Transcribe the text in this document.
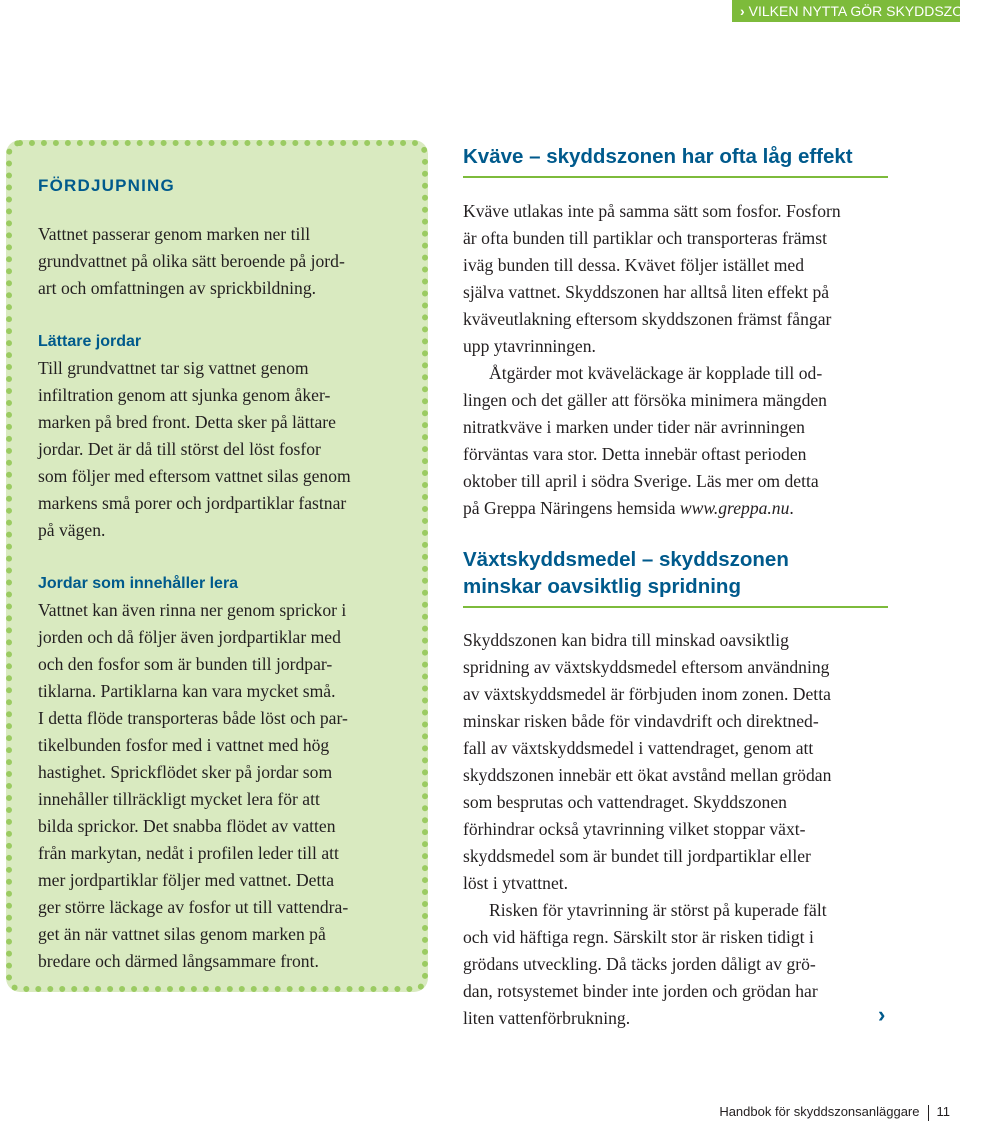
› VILKEN NYTTA GÖR SKYDDSZONEN?
FÖRDJUPNING

Vattnet passerar genom marken ner till
grundvattnet på olika sätt beroende på jord-
art och omfattningen av sprickbildning.

Lättare jordar

Till grundvattnet tar sig vattnet genom
infiltration genom att sjunka genom åker-
marken på bred front. Detta sker på lättare
jordar. Det är då till störst del löst fosfor
som följer med eftersom vattnet silas genom
markens små porer och jordpartiklar fastnar
på vägen.

Jordar som innehåller lera

Vattnet kan även rinna ner genom sprickor i
jorden och då följer även jordpartiklar med
och den fosfor som är bunden till jordpar-
tiklarna. Partiklarna kan vara mycket små.
I detta flöde transporteras både löst och par-
tikelbunden fosfor med i vattnet med hög
hastighet. Sprickflödet sker på jordar som
innehåller tillräckligt mycket lera för att
bilda sprickor. Det snabba flödet av vatten
från markytan, nedåt i profilen leder till att
mer jordpartiklar följer med vattnet. Detta
ger större läckage av fosfor ut till vattendra-
get än när vattnet silas genom marken på
bredare och därmed långsammare front.

Kväve – skyddszonen har ofta låg effekt

Kväve utlakas inte på samma sätt som fosfor. Fosforn
är ofta bunden till partiklar och transporteras främst
iväg bunden till dessa. Kvävet följer istället med
själva vattnet. Skyddszonen har alltså liten effekt på
kväveutlakning eftersom skyddszonen främst fångar
upp ytavrinningen.

Åtgärder mot kväveläckage är kopplade till od-
lingen och det gäller att försöka minimera mängden
nitratkväve i marken under tider när avrinningen
förväntas vara stor. Detta innebär oftast perioden
oktober till april i södra Sverige. Läs mer om detta
på Greppa Näringens hemsida www.greppa.nu.

Växtskyddsmedel – skyddszonen
minskar oavsiktlig spridning

Skyddszonen kan bidra till minskad oavsiktlig
spridning av växtskyddsmedel eftersom användning
av växtskyddsmedel är förbjuden inom zonen. Detta
minskar risken både för vindavdrift och direktned-
fall av växtskyddsmedel i vattendraget, genom att
skyddszonen innebär ett ökat avstånd mellan grödan
som besprutas och vattendraget. Skyddszonen
förhindrar också ytavrinning vilket stoppar växt-
skyddsmedel som är bundet till jordpartiklar eller
löst i ytvattnet.

Risken för ytavrinning är störst på kuperade fält
och vid häftiga regn. Särskilt stor är risken tidigt i
grödans utveckling. Då täcks jorden dåligt av grö-
dan, rotsystemet binder inte jorden och grödan har
liten vattenförbrukning.	›
Handbok för skyddszonsanläggare 11
